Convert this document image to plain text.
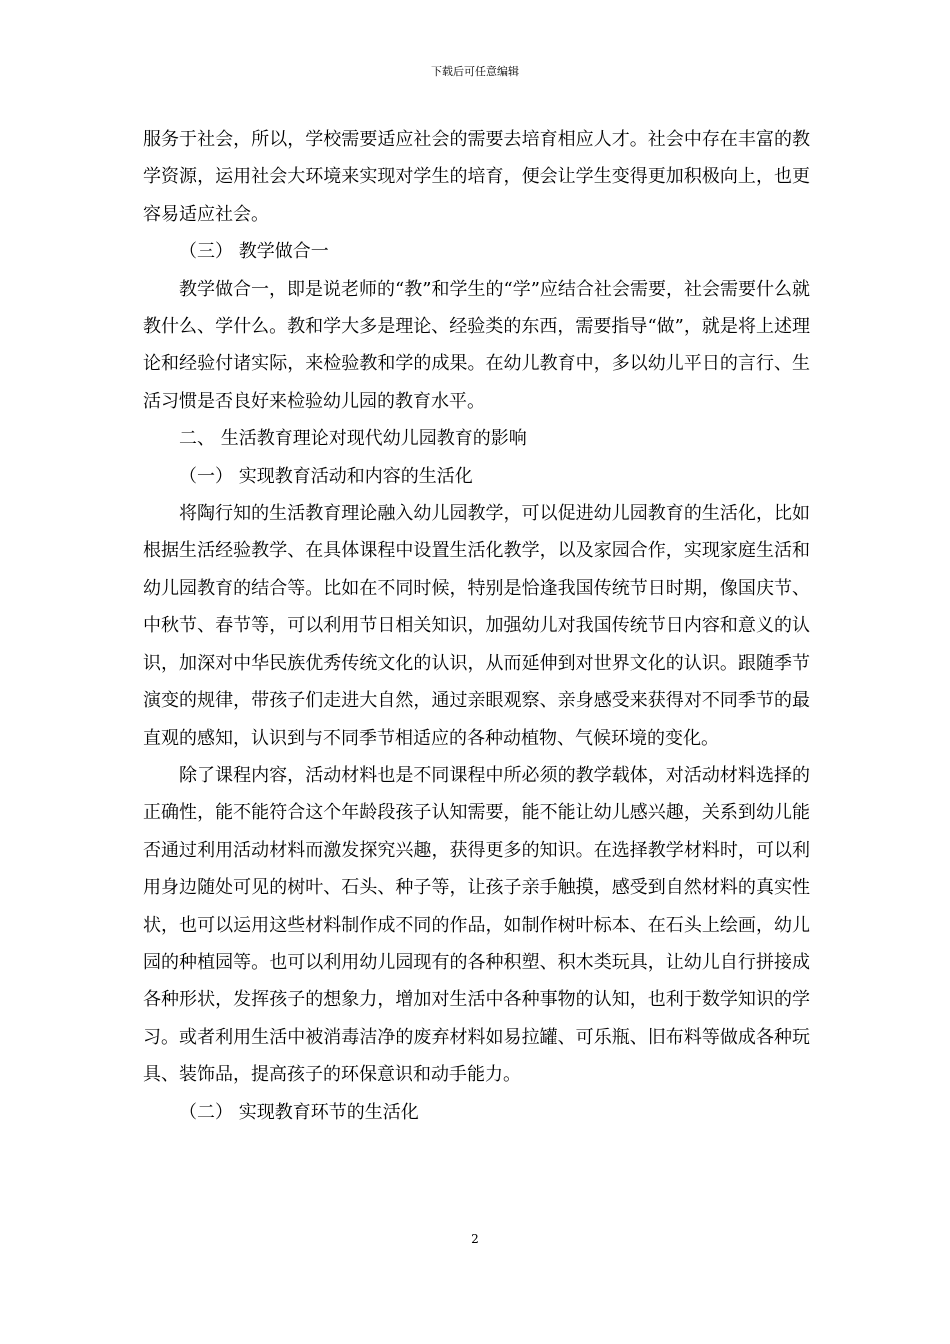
下载后可任意编辑

服务于社会，所以，学校需要适应社会的需要去培育相应人才。社会中存在丰富的教学资源，运用社会大环境来实现对学生的培育，便会让学生变得更加积极向上，也更容易适应社会。

（三） 教学做合一

教学做合一，即是说老师的“教”和学生的“学”应结合社会需要，社会需要什么就教什么、学什么。教和学大多是理论、经验类的东西，需要指导“做”，就是将上述理论和经验付诸实际，来检验教和学的成果。在幼儿教育中，多以幼儿平日的言行、生活习惯是否良好来检验幼儿园的教育水平。

二、 生活教育理论对现代幼儿园教育的影响

（一） 实现教育活动和内容的生活化

将陶行知的生活教育理论融入幼儿园教学，可以促进幼儿园教育的生活化，比如根据生活经验教学、在具体课程中设置生活化教学，以及家园合作，实现家庭生活和幼儿园教育的结合等。比如在不同时候，特别是恰逢我国传统节日时期，像国庆节、中秋节、春节等，可以利用节日相关知识，加强幼儿对我国传统节日内容和意义的认识，加深对中华民族优秀传统文化的认识，从而延伸到对世界文化的认识。跟随季节演变的规律，带孩子们走进大自然，通过亲眼观察、亲身感受来获得对不同季节的最直观的感知，认识到与不同季节相适应的各种动植物、气候环境的变化。

除了课程内容，活动材料也是不同课程中所必须的教学载体，对活动材料选择的正确性，能不能符合这个年龄段孩子认知需要，能不能让幼儿感兴趣，关系到幼儿能否通过利用活动材料而激发探究兴趣，获得更多的知识。在选择教学材料时，可以利用身边随处可见的树叶、石头、种子等，让孩子亲手触摸，感受到自然材料的真实性状，也可以运用这些材料制作成不同的作品，如制作树叶标本、在石头上绘画，幼儿园的种植园等。也可以利用幼儿园现有的各种积塑、积木类玩具，让幼儿自行拼接成各种形状，发挥孩子的想象力，增加对生活中各种事物的认知，也利于数学知识的学习。或者利用生活中被消毒洁净的废弃材料如易拉罐、可乐瓶、旧布料等做成各种玩具、装饰品，提高孩子的环保意识和动手能力。

（二） 实现教育环节的生活化

2
